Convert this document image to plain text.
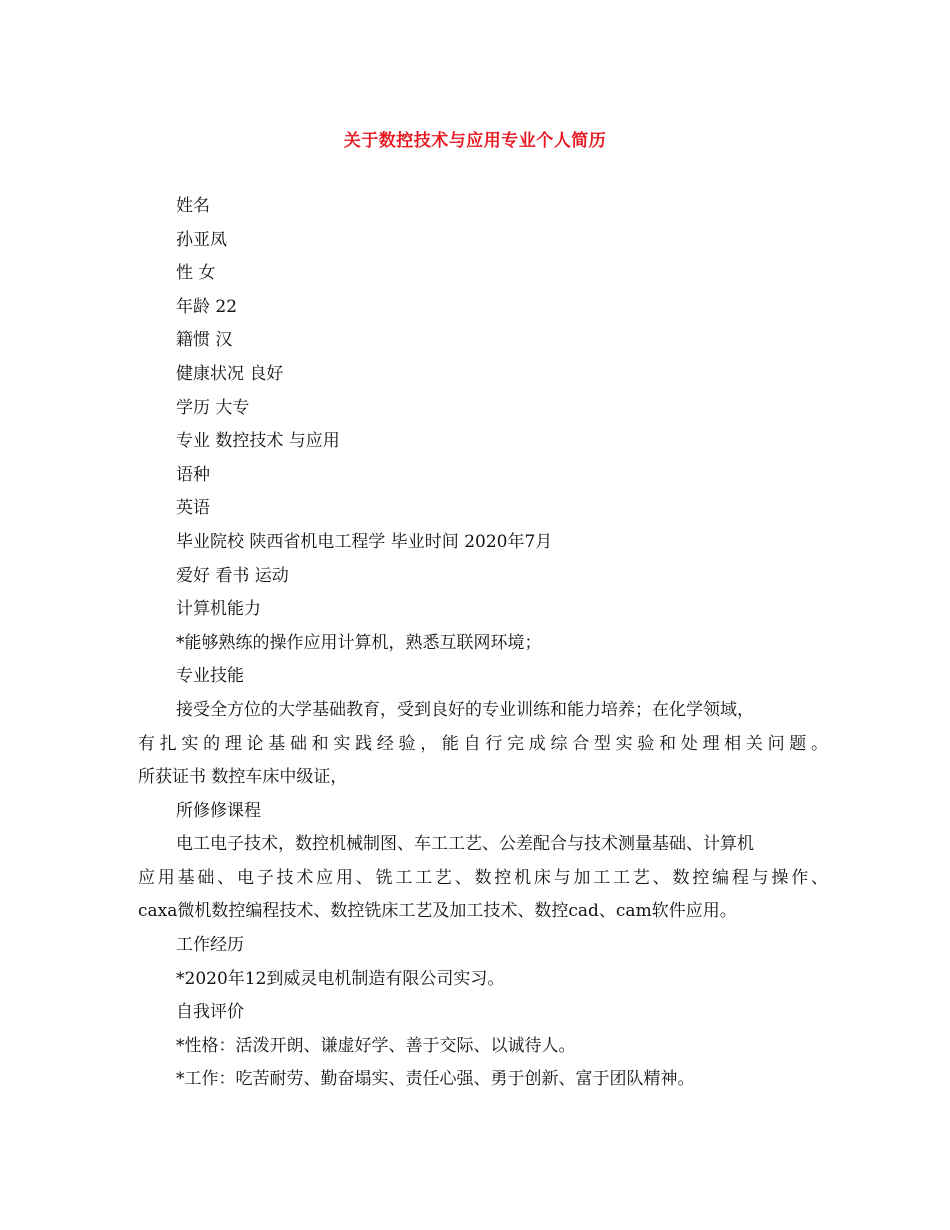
关于数控技术与应用专业个人简历
姓名
孙亚凤
性 女
年龄 22
籍惯 汉
健康状况 良好
学历 大专
专业 数控技术 与应用
语种
英语
毕业院校 陕西省机电工程学 毕业时间 2020年7月
爱好 看书 运动
计算机能力
*能够熟练的操作应用计算机，熟悉互联网环境；
专业技能
接受全方位的大学基础教育，受到良好的专业训练和能力培养；在化学领域，
有扎实的理论基础和实践经验，能自行完成综合型实验和处理相关问题。
所获证书 数控车床中级证，
所修修课程
电工电子技术，数控机械制图、车工工艺、公差配合与技术测量基础、计算机
应用基础、电子技术应用、铣工工艺、数控机床与加工工艺、数控编程与操作、
caxa微机数控编程技术、数控铣床工艺及加工技术、数控cad、cam软件应用。
工作经历
*2020年12到威灵电机制造有限公司实习。
自我评价
*性格：活泼开朗、谦虚好学、善于交际、以诚待人。
*工作：吃苦耐劳、勤奋塌实、责任心强、勇于创新、富于团队精神。
